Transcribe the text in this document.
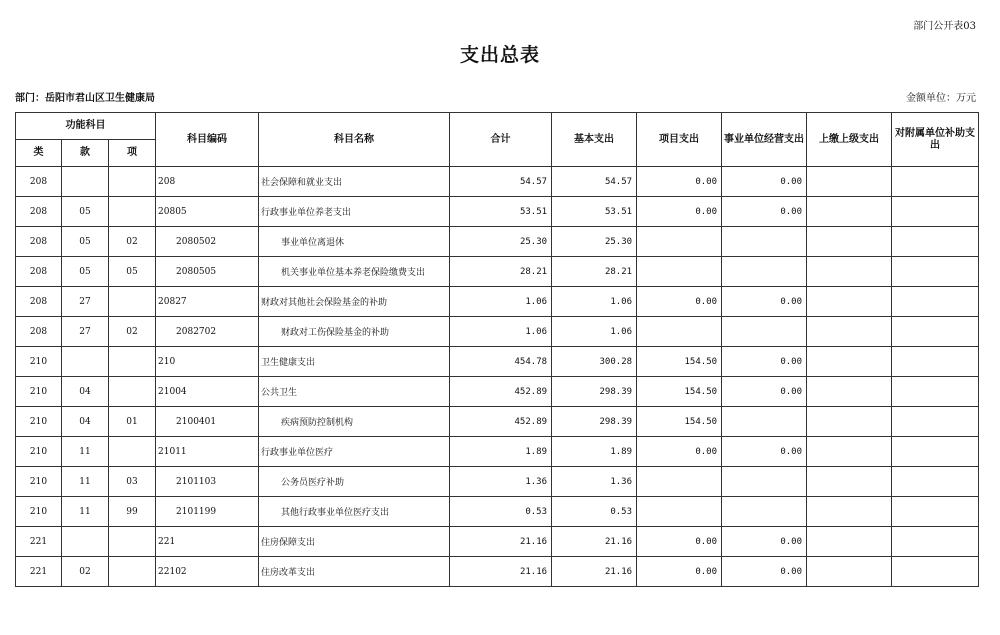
部门公开表03
支出总表
部门：岳阳市君山区卫生健康局	金额单位：万元
功能科目			科目编码	科目名称	合计	基本支出	项目支出	事业单位经营支出	上缴上级支出	对附属单位补助支出
类	款	项								
208			208	社会保障和就业支出	54.57	54.57	0.00	0.00		
208	05		20805	行政事业单位养老支出	53.51	53.51	0.00	0.00		
208	05	02	2080502	事业单位离退休	25.30	25.30				
208	05	05	2080505	机关事业单位基本养老保险缴费支出	28.21	28.21				
208	27		20827	财政对其他社会保险基金的补助	1.06	1.06	0.00	0.00		
208	27	02	2082702	财政对工伤保险基金的补助	1.06	1.06				
210			210	卫生健康支出	454.78	300.28	154.50	0.00		
210	04		21004	公共卫生	452.89	298.39	154.50	0.00		
210	04	01	2100401	疾病预防控制机构	452.89	298.39	154.50			
210	11		21011	行政事业单位医疗	1.89	1.89	0.00	0.00		
210	11	03	2101103	公务员医疗补助	1.36	1.36				
210	11	99	2101199	其他行政事业单位医疗支出	0.53	0.53				
221			221	住房保障支出	21.16	21.16	0.00	0.00		
221	02		22102	住房改革支出	21.16	21.16	0.00	0.00		
